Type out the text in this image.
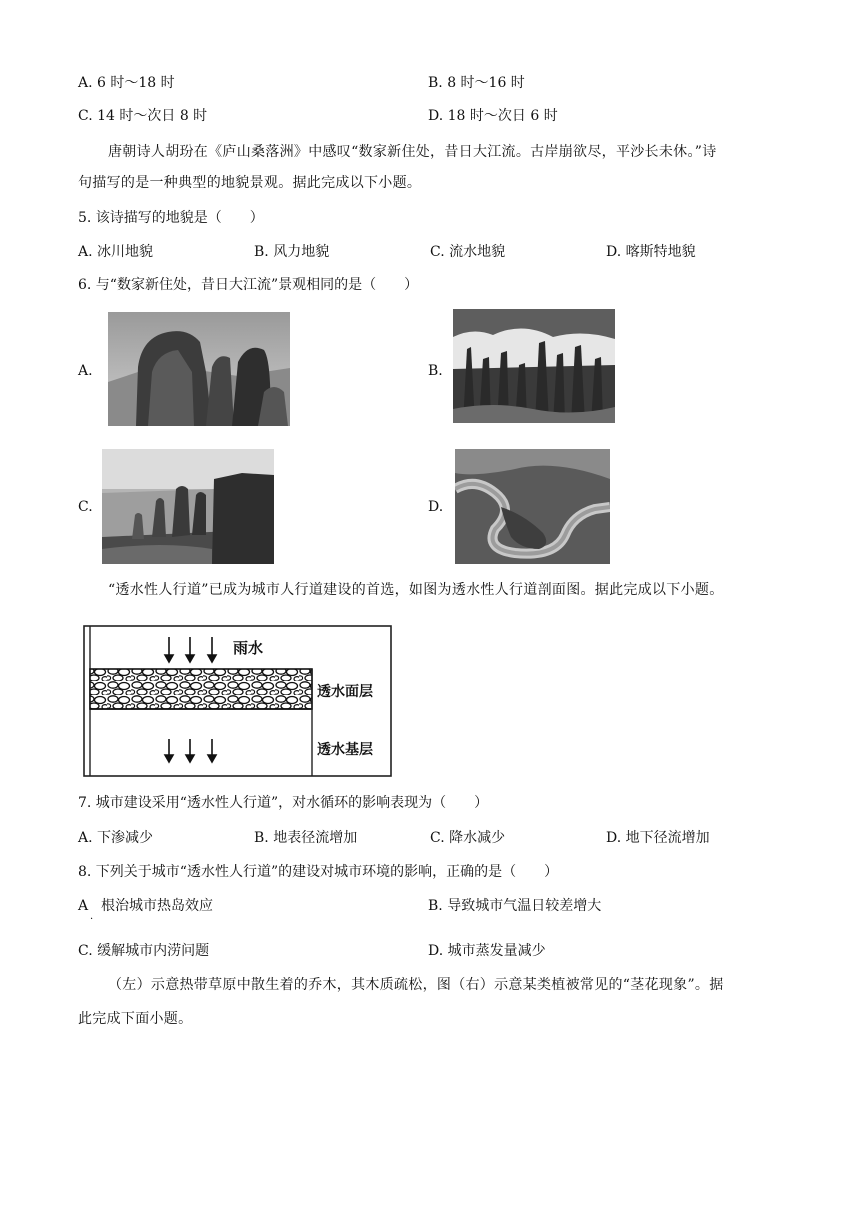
A. 6 时～18 时	B. 8 时～16 时
C. 14 时～次日 8 时	D. 18 时～次日 6 时
唐朝诗人胡玢在《庐山桑落洲》中感叹“数家新住处，昔日大江流。古岸崩欲尽，平沙长未休。”诗
句描写的是一种典型的地貌景观。据此完成以下小题。
5. 该诗描写的地貌是（　　）
A. 冰川地貌	B. 风力地貌	C. 流水地貌	D. 喀斯特地貌
6. 与“数家新住处，昔日大江流”景观相同的是（　　）
A.	B.
C.	D.
“透水性人行道”已成为城市人行道建设的首选，如图为透水性人行道剖面图。据此完成以下小题。
雨水
透水面层
透水基层
7. 城市建设采用“透水性人行道”，对水循环的影响表现为（　　）
A. 下渗减少	B. 地表径流增加	C. 降水减少	D. 地下径流增加
8. 下列关于城市“透水性人行道”的建设对城市环境的影响，正确的是（　　）
A
·
根治城市热岛效应	B. 导致城市气温日较差增大
C. 缓解城市内涝问题	D. 城市蒸发量减少
（左）示意热带草原中散生着的乔木，其木质疏松，图（右）示意某类植被常见的“茎花现象”。据
此完成下面小题。
